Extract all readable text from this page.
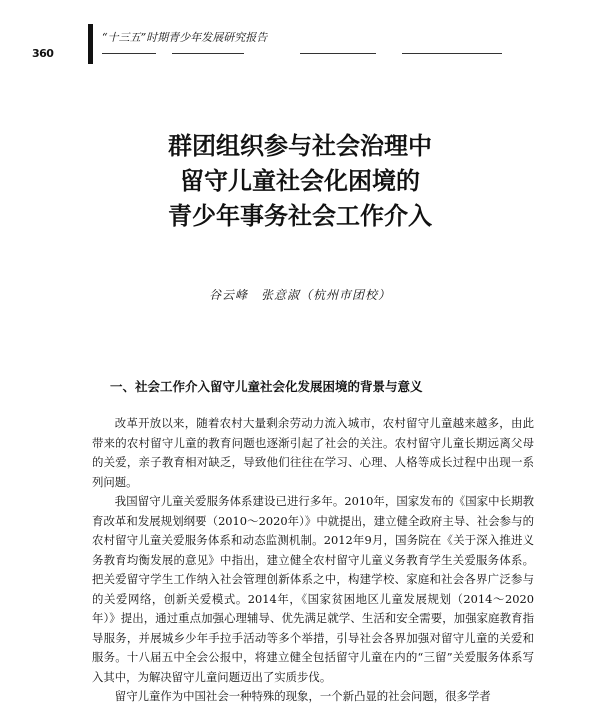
360
“十三五”时期青少年发展研究报告
群团组织参与社会治理中
留守儿童社会化困境的
青少年事务社会工作介入
谷云峰　张意淑（杭州市团校）
一、社会工作介入留守儿童社会化发展困境的背景与意义

改革开放以来，随着农村大量剩余劳动力流入城市，农村留守儿童越来越多，由此带来的农村留守儿童的教育问题也逐渐引起了社会的关注。农村留守儿童长期远离父母的关爱，亲子教育相对缺乏，导致他们往往在学习、心理、人格等成长过程中出现一系列问题。

我国留守儿童关爱服务体系建设已进行多年。2010年，国家发布的《国家中长期教育改革和发展规划纲要（2010～2020年）》中就提出，建立健全政府主导、社会参与的农村留守儿童关爱服务体系和动态监测机制。2012年9月，国务院在《关于深入推进义务教育均衡发展的意见》中指出，建立健全农村留守儿童义务教育学生关爱服务体系。把关爱留守学生工作纳入社会管理创新体系之中，构建学校、家庭和社会各界广泛参与的关爱网络，创新关爱模式。2014年，《国家贫困地区儿童发展规划（2014～2020年）》提出，通过重点加强心理辅导、优先满足就学、生活和安全需要，加强家庭教育指导服务，并展城乡少年手拉手活动等多个举措，引导社会各界加强对留守儿童的关爱和服务。十八届五中全会公报中，将建立健全包括留守儿童在内的“三留”关爱服务体系写入其中，为解决留守儿童问题迈出了实质步伐。

留守儿童作为中国社会一种特殊的现象，一个新凸显的社会问题，很多学者
